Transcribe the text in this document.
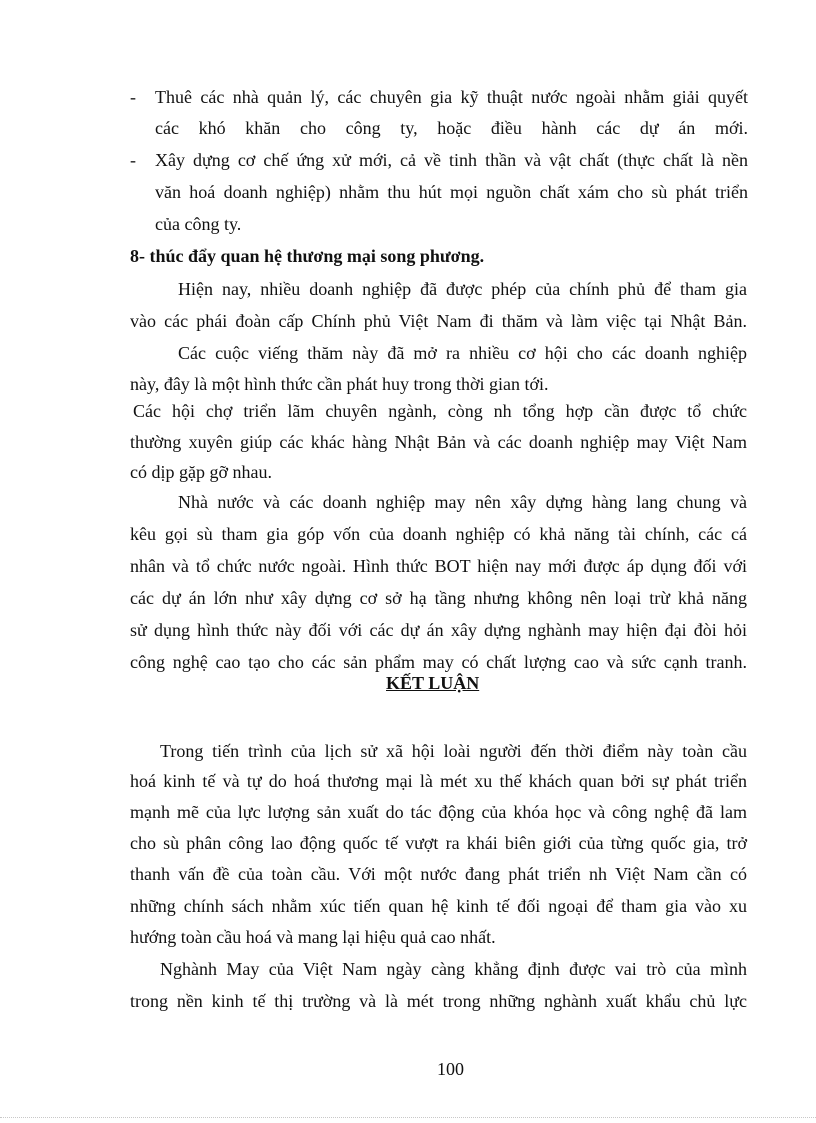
- Thuê các nhà quản lý, các chuyên gia kỹ thuật nước ngoài nhằm giải quyết

các khó khăn cho công ty, hoặc điều hành các dự án mới.

- Xây dựng cơ chế ứng xử mới, cả về tinh thần và vật chất (thực chất là nền

văn hoá doanh nghiệp) nhằm thu hút mọi nguồn chất xám cho sù phát triển

của công ty.

8- thúc đẩy quan hệ thương mại song phương.

Hiện nay, nhiều doanh nghiệp đã được phép của chính phủ để tham gia

vào các phái đoàn cấp Chính phủ Việt Nam đi thăm và làm việc tại Nhật Bản.

Các cuộc viếng thăm này đã mở ra nhiều cơ hội cho các doanh nghiệp

này, đây là một hình thức cần phát huy trong thời gian tới.

Các hội chợ triển lãm chuyên ngành, còng nh tổng hợp cần được tổ chức

thường xuyên giúp các khác hàng Nhật Bản và các doanh nghiệp may Việt Nam

có dịp gặp gỡ nhau.

Nhà nước và các doanh nghiệp may nên xây dựng hàng lang chung và

kêu gọi sù tham gia góp vốn của doanh nghiệp có khả năng tài chính, các cá

nhân và tổ chức nước ngoài. Hình thức BOT hiện nay mới được áp dụng đối với

các dự án lớn như xây dựng cơ sở hạ tầng nhưng không nên loại trừ khả năng

sử dụng hình thức này đối với các dự án xây dựng nghành may hiện đại đòi hỏi

công nghệ cao tạo cho các sản phẩm may có chất lượng cao và sức cạnh tranh.

KẾT LUẬN

Trong tiến trình của lịch sử xã hội loài người đến thời điểm này toàn cầu

hoá kinh tế và tự do hoá thương mại là mét xu thế khách quan bởi sự phát triển

mạnh mẽ của lực lượng sản xuất do tác động của khóa học và công nghệ đã lam

cho sù phân công lao động quốc tế vượt ra khái biên giới của từng quốc gia, trở

thanh vấn đề của toàn cầu. Với một nước đang phát triển nh Việt Nam cần có

những chính sách nhằm xúc tiến quan hệ kinh tế đối ngoại để tham gia vào xu

hướng toàn cầu hoá và mang lại hiệu quả cao nhất.

Nghành May của Việt Nam ngày càng khẳng định được vai trò của mình

trong nền kinh tế thị trường và là mét trong những nghành xuất khẩu chủ lực

100
